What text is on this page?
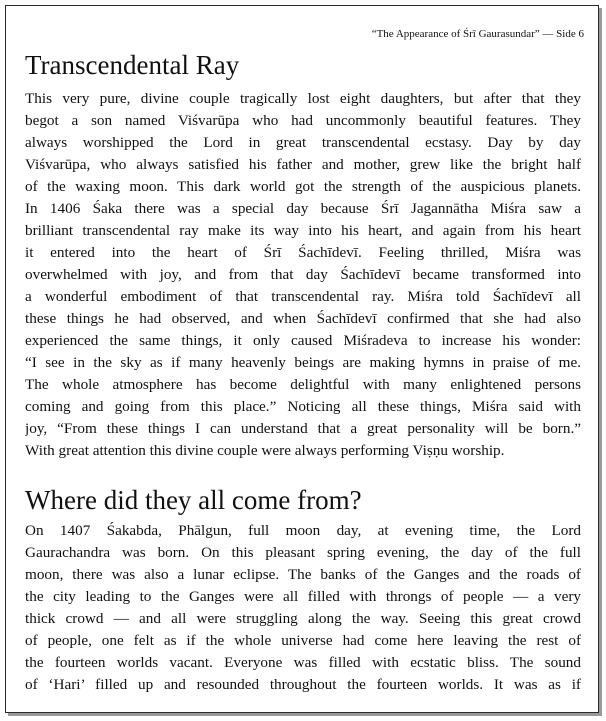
“The Appearance of Śrī Gaurasundar” — Side 6
Transcendental Ray
This very pure, divine couple tragically lost eight daughters, but after that they
begot a son named Viśvarūpa who had uncommonly beautiful features. They
always worshipped the Lord in great transcendental ecstasy. Day by day
Viśvarūpa, who always satisfied his father and mother, grew like the bright half
of the waxing moon. This dark world got the strength of the auspicious planets.
In 1406 Śaka there was a special day because Śrī Jagannātha Miśra saw a
brilliant transcendental ray make its way into his heart, and again from his heart
it entered into the heart of Śrī Śachīdevī. Feeling thrilled, Miśra was
overwhelmed with joy, and from that day Śachīdevī became transformed into
a wonderful embodiment of that transcendental ray. Miśra told Śachīdevī all
these things he had observed, and when Śachīdevī confirmed that she had also
experienced the same things, it only caused Miśradeva to increase his wonder:
“I see in the sky as if many heavenly beings are making hymns in praise of me.
The whole atmosphere has become delightful with many enlightened persons
coming and going from this place.” Noticing all these things, Miśra said with
joy, “From these things I can understand that a great personality will be born.”
With great attention this divine couple were always performing Viṣṇu worship.
Where did they all come from?
On 1407 Śakabda, Phālgun, full moon day, at evening time, the Lord
Gaurachandra was born. On this pleasant spring evening, the day of the full
moon, there was also a lunar eclipse. The banks of the Ganges and the roads of
the city leading to the Ganges were all filled with throngs of people — a very
thick crowd — and all were struggling along the way. Seeing this great crowd
of people, one felt as if the whole universe had come here leaving the rest of
the fourteen worlds vacant. Everyone was filled with ecstatic bliss. The sound
of ‘Hari’ filled up and resounded throughout the fourteen worlds. It was as if
